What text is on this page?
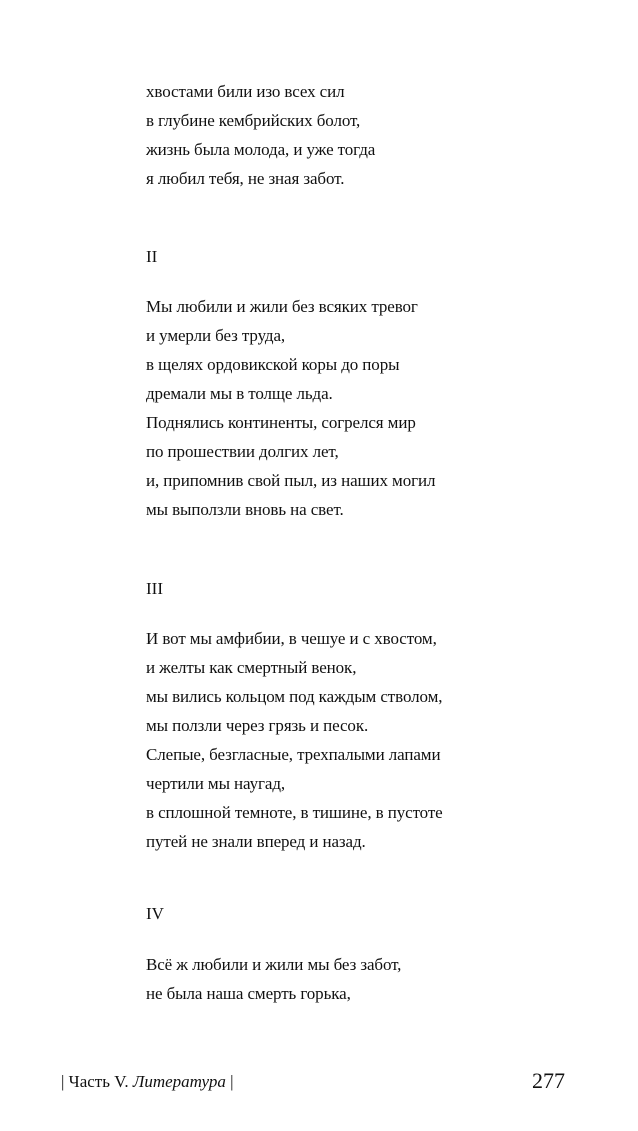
хвостами били изо всех сил
в глубине кембрийских болот,
жизнь была молода, и уже тогда
я любил тебя, не зная забот.
II
Мы любили и жили без всяких тревог
и умерли без труда,
в щелях ордовикской коры до поры
дремали мы в толще льда.
Поднялись континенты, согрелся мир
по прошествии долгих лет,
и, припомнив свой пыл, из наших могил
мы выползли вновь на свет.
III
И вот мы амфибии, в чешуе и с хвостом,
и желты как смертный венок,
мы вились кольцом под каждым стволом,
мы ползли через грязь и песок.
Слепые, безгласные, трехпалыми лапами
чертили мы наугад,
в сплошной темноте, в тишине, в пустоте
путей не знали вперед и назад.
IV
Всё ж любили и жили мы без забот,
не была наша смерть горька,
| Часть V. Литература |	277
